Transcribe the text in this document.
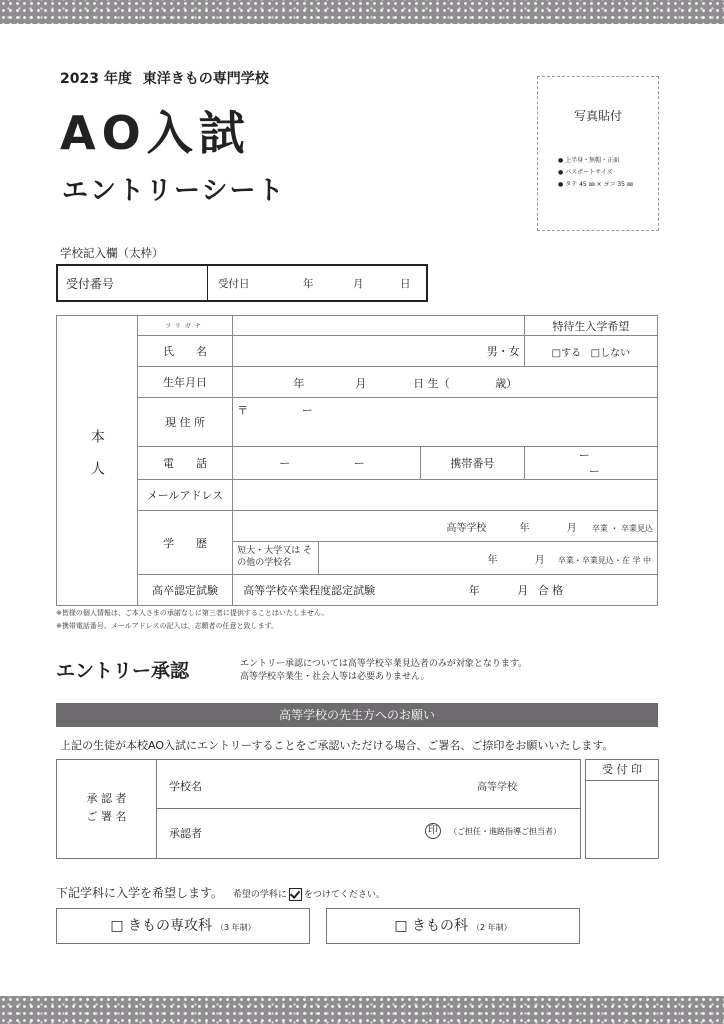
2023 年度 東洋きもの専門学校
AO入試
エントリーシート
写真貼付
● 上半身・無帽・正面
● パスポートサイズ
● タテ 45 ㎜ × ヨコ 35 ㎜
学校記入欄（太枠）
受付番号	受付日	年	月	日
本人	フリガナ			特待生入学希望
	氏　　名	男・女		□する □しない
	生年月日	年 月 日 生（ 歳）		

	現 住 所	〒 ー		
	電　　話	ー ー	携帯番号	ー ー
	メールアドレス			
	学　　歴	高等学校 年 月 卒業 ・ 卒業見込		

		短大・大学又は その他の学校名 年 月 卒業・卒業見込・在 学 中		

	高卒認定試験	高等学校卒業程度認定試験 年 月 合 格		
※皆様の個人情報は、ご本人さまの承諾なしに第三者に提供することはいたしません。
※携帯電話番号、メールアドレスの記入は、志願者の任意と致します。
エントリー承認	エントリー承認については高等学校卒業見込者のみが対象となります。
高等学校卒業生・社会人等は必要ありません。
高等学校の先生方へのお願い
上記の生徒が本校AO入試にエントリーすることをご承認いただける場合、ご署名、ご捺印をお願いいたします。
承 認 者
ご 署 名
学校名	高等学校
承認者	印	（ご担任・進路指導ご担当者）
受 付 印
下記学科に入学を希望します。 希望の学科に をつけてください。
□ きもの専攻科 （3 年制）	□ きもの科 （2 年制）
